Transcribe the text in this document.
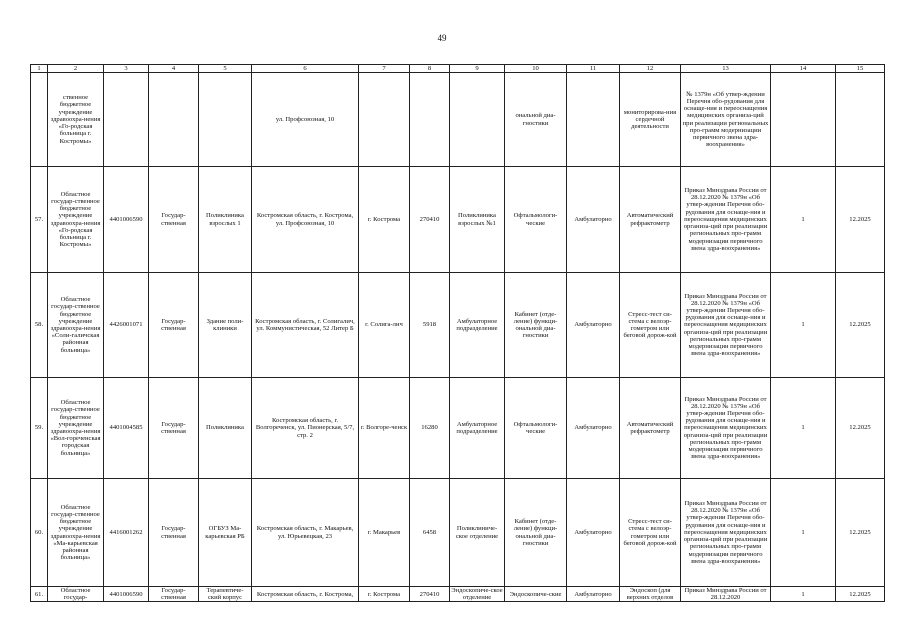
49
1	2	3	4	5	6	7	8	9	10	11	12	13	14	15
	ственное бюджетное учреждение здравоохра-нения «Го-родская больница г. Костромы»				ул. Профсоюзная, 10				ональной диа-гностики		мониторирова-ния сердечной деятельности	№ 1379н «Об утвер-ждении Перечня обо-рудования для оснаще-ния и переоснащения медицинских организа-ций при реализации региональных про-грамм модернизации первичного звена здра-воохранения»		
57.	Областное государ-ственное бюджетное учреждение здравоохра-нения «Го-родская больница г. Костромы»	4401006590	Государ-ственная	Поликлиника взрослых 1	Костромская область, г. Кострома, ул. Профсоюзная, 10	г. Кострома	270410	Поликлиника взрослых №1	Офтальмологи-ческие	Амбулаторно	Автоматический рефрактометр	Приказ Минздрава России от 28.12.2020 № 1379н «Об утвер-ждении Перечня обо-рудования для оснаще-ния и переоснащения медицинских организа-ций при реализации региональных про-грамм модернизации первичного звена здра-воохранения»	1	12.2025
58.	Областное государ-ственное бюджетное учреждение здравоохра-нения «Соли-галичская районная больница»	4426001071	Государ-ственная	Здание поли-клиники	Костромская область, г. Солигалич, ул. Коммунистическая, 52 Литер Б	г. Солига-лич	5918	Амбулаторное подразделение	Кабинет (отде-ление) функци-ональной диа-гностики	Амбулаторно	Стресс-тест си-стема с велоэр-гометром или беговой дорож-кой	Приказ Минздрава России от 28.12.2020 № 1379н «Об утвер-ждении Перечня обо-рудования для оснаще-ния и переоснащения медицинских организа-ций при реализации региональных про-грамм модернизации первичного звена здра-воохранения»	1	12.2025
59.	Областное государ-ственное бюджетное учреждение здравоохра-нения «Вол-гореченская городская больница»	4401004585	Государ-ственная	Поликлиника	Костромская область, г. Волгореченск, ул. Пионерская, 5/7, стр. 2	г. Волгоре-ченск	16280	Амбулаторное подразделение	Офтальмологи-ческие	Амбулаторно	Автоматический рефрактометр	Приказ Минздрава России от 28.12.2020 № 1379н «Об утвер-ждении Перечня обо-рудования для оснаще-ния и переоснащения медицинских организа-ций при реализации региональных про-грамм модернизации первичного звена здра-воохранения»	1	12.2025
60.	Областное государ-ственное бюджетное учреждение здравоохра-нения «Ма-карьевская районная больница»	4416001262	Государ-ственная	ОГБУЗ Ма-карьевская РБ	Костромская область, г. Макарьев, ул. Юрьевецкая, 23	г. Макарьев	6458	Поликлиниче-ское отделение	Кабинет (отде-ление) функци-ональной диа-гностики	Амбулаторно	Стресс-тест си-стема с велоэр-гометром или беговой дорож-кой	Приказ Минздрава России от 28.12.2020 № 1379н «Об утвер-ждении Перечня обо-рудования для оснаще-ния и переоснащения медицинских организа-ций при реализации региональных про-грамм модернизации первичного звена здра-воохранения»	1	12.2025
61.	Областное государ-	4401006590	Государ-ственная	Терапевтиче-ский корпус	Костромская область, г. Кострома,	г. Кострома	270410	Эндоскопиче-ское отделение	Эндоскопиче-ские	Амбулаторно	Эндоскоп (для верхних отделов	Приказ Минздрава России от 28.12.2020	1	12.2025
